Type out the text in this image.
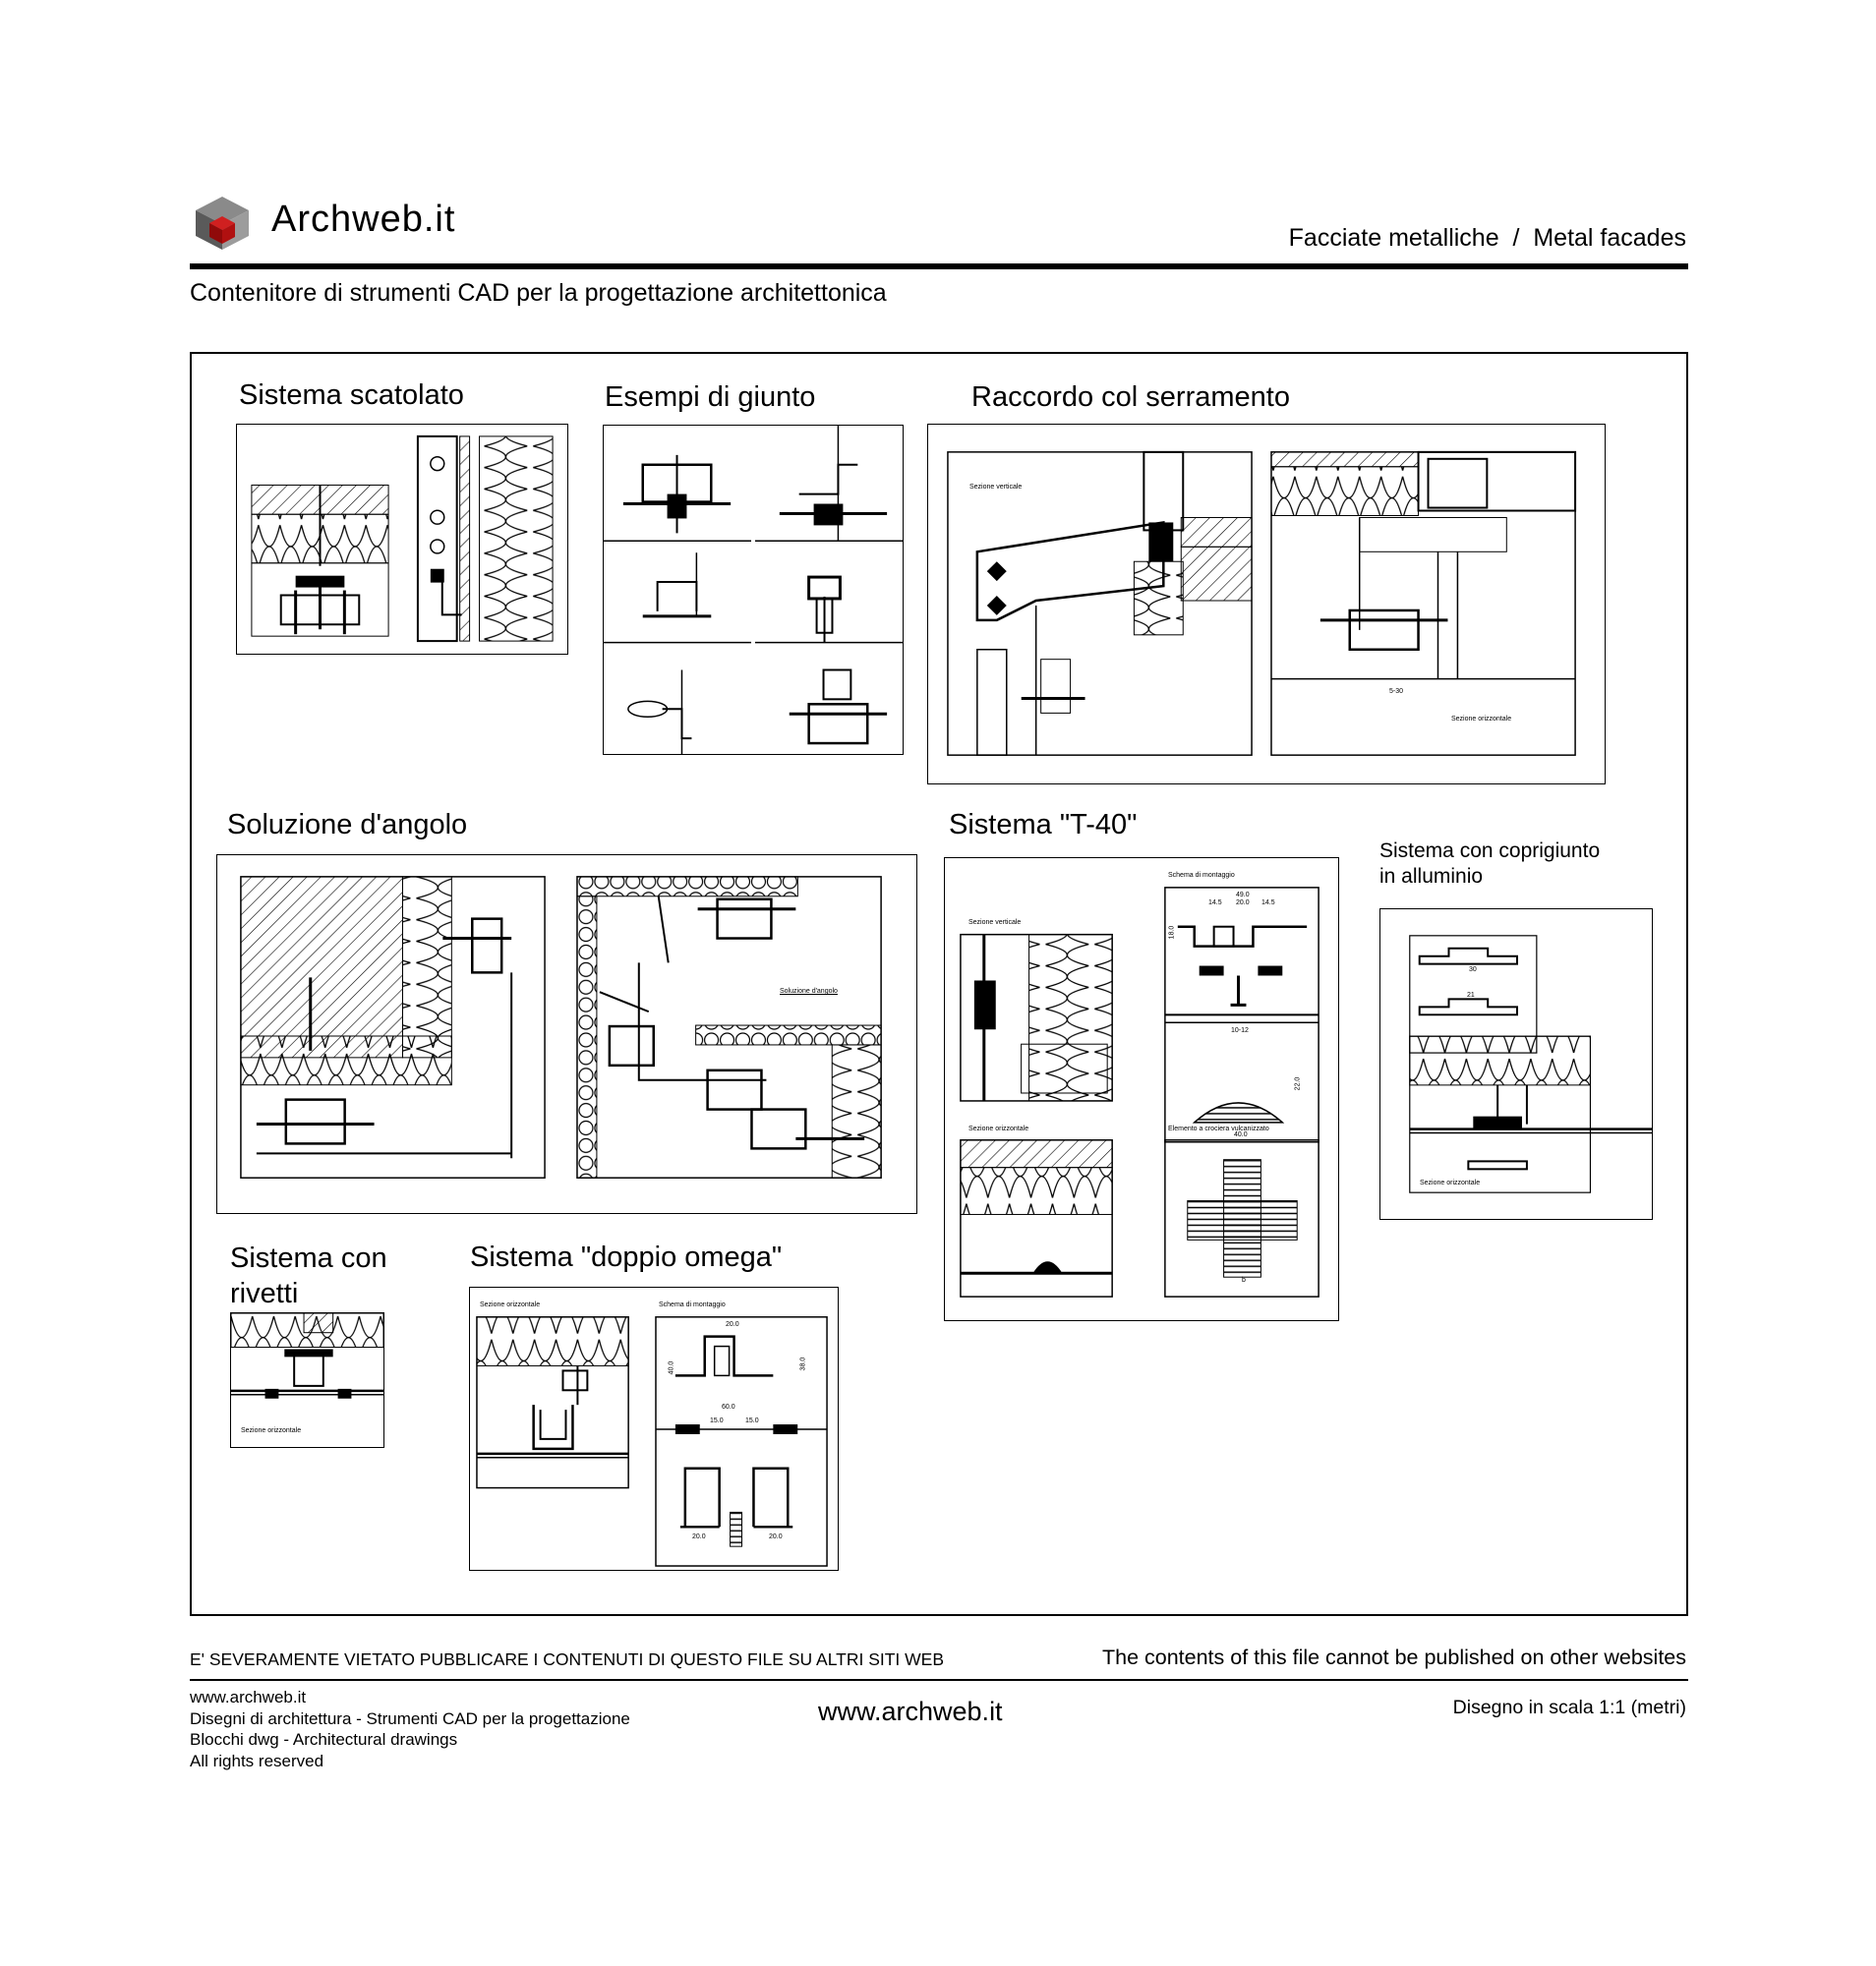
Archweb.it	Facciate metalliche  /  Metal facades
Contenitore di strumenti CAD per la progettazione architettonica
Sistema scatolato	Esempi di giunto	Raccordo col serramento
Sezione verticale
Sezione orizzontale
5-30
Soluzione d'angolo
Soluzione d'angolo
Sistema "T-40"
Sezione verticale
Schema di montaggio
Sezione orizzontale	Elemento a crociera vulcanizzato
49.0
14.5 20.0 14.5
18.0
10-12
22.0
40.0
b
Sistema con coprigiunto
in alluminio
30
21
Sezione orizzontale
Sistema con
rivetti
Sezione orizzontale
Sistema "doppio omega"
Sezione orizzontale	Schema di montaggio
20.0
40.0	38.0
60.0
15.0	15.0
20.0	20.0
E' SEVERAMENTE VIETATO PUBBLICARE I CONTENUTI DI QUESTO FILE SU ALTRI SITI WEB	The contents of this file cannot be published on other websites
www.archweb.it
Disegni di architettura - Strumenti CAD per la progettazione
Blocchi dwg - Architectural drawings
All rights reserved
www.archweb.it	Disegno in scala 1:1 (metri)
